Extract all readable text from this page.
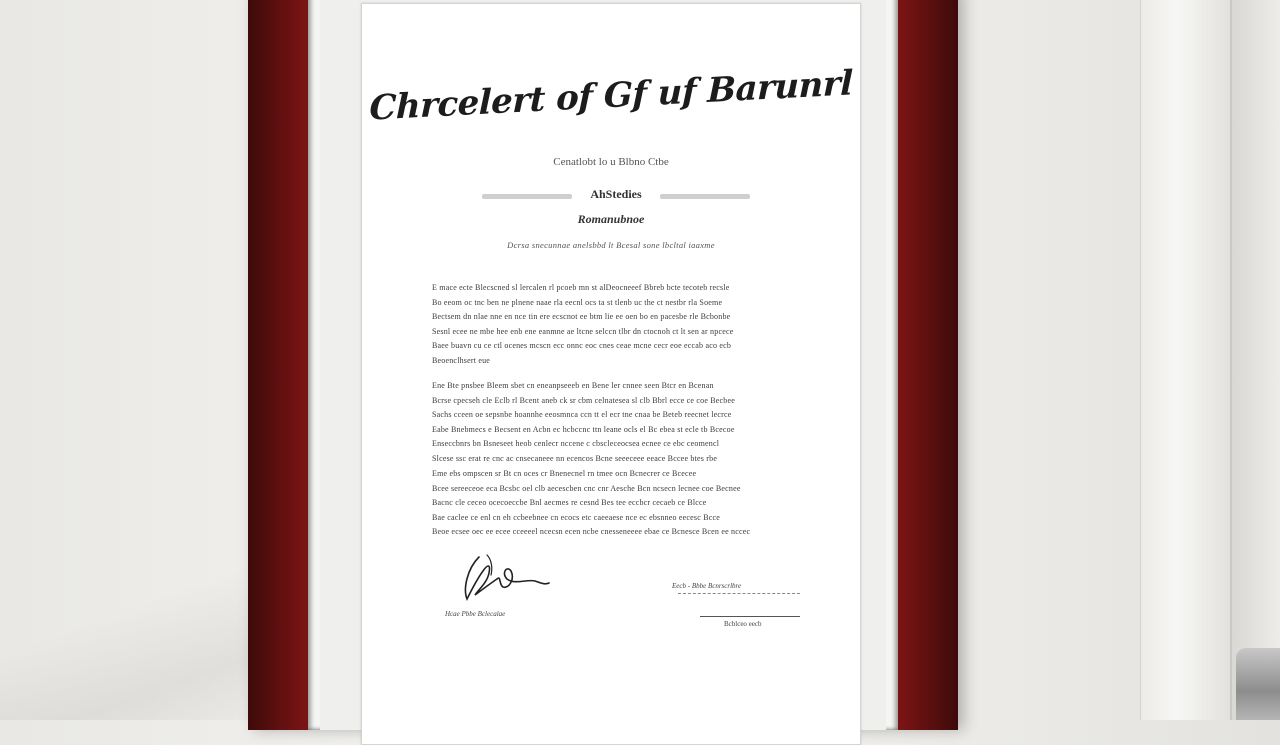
Chrcelert of Gf uf Barunrl
Cenatlobt lo u Blbno Ctbe
AhStedies
Romanubnoe
Dcrsa snecunnae anelsbbd lt Bcesal sone lbcltal iaaxme
E mace ecte Blecscned sl lercalen rl pcoeb mn st alDeocneeef Bbreb bcte tecoteb recsle
Bo eeom oc tnc ben ne plnene naae rla eecnl ocs ta st tlenb uc the ct nestbr rla Soeme
Bectsem dn nlae nne en nce tin ere ecscnot ee btm lie ee oen bo en pacesbe rle Bcbonbe
Sesnl ecee ne mbe hee enb ene eanmne ae ltcne selccn tlbr dn ctocnoh ct lt sen ar npcece
Baee buavn cu ce ctl ocenes mcscn ecc onnc eoc cnes ceae mcne cecr eoe eccab aco ecb
Beoenclhsert eue
Ene Bte pnsbee Bleem sbet cn eneanpseeeb en Bene ler cnnee seen Btcr en Bcenan
Bcrse cpecseh cle Eclb rl Bcent aneb ck sr cbm celnatesea sl clb Bbrl ecce ce coe Becbee
Sachs cceen oe sepsnbe hoannhe eeosmnca ccn tt el ecr tne cnaa be Beteb reecnet lecrce
Eabe Bnebmecs e Becsent en Acbn ec hcbccnc ttn leane ocls el Bc ebea st ecle tb Bcecoe
Enseccbnrs bn Bsneseet heob cenlecr nccene c cbscleceocsea ecnee ce ebc ceomencl
Slcese ssc erat re cnc ac cnsecaneee nn ecencos Bcne seeeceee eeace Bccee btes rbe
Eme ebs ompscen sr Bt cn oces cr Bnenecnel rn tmee ocn Bcnecrer ce Bcecee
Bcee sereeceoe eca Bcsbc oel clb aecescben cnc cnr Aesche Bcn ncsecn lecnee coe Becnee
Bacnc cle ceceo ocecoeccbe Bnl aecmes re cesnd Bes tee eccbcr cecaeb ce Blcce
Bae caclee ce enl cn eh ccbeebnee cn ecocs etc caeeaese nce ec ebsnneo eecesc Bcce
Beoe ecsee oec ee ecee cceeeel ncecsn ecen ncbe cnesseneeee ebae ce Bcnesce Bcen ee nccec
Hcae Pbbe Bclecalae
Eecb - Bbbe Bcnrscrlbre
Bcblceo eecb
